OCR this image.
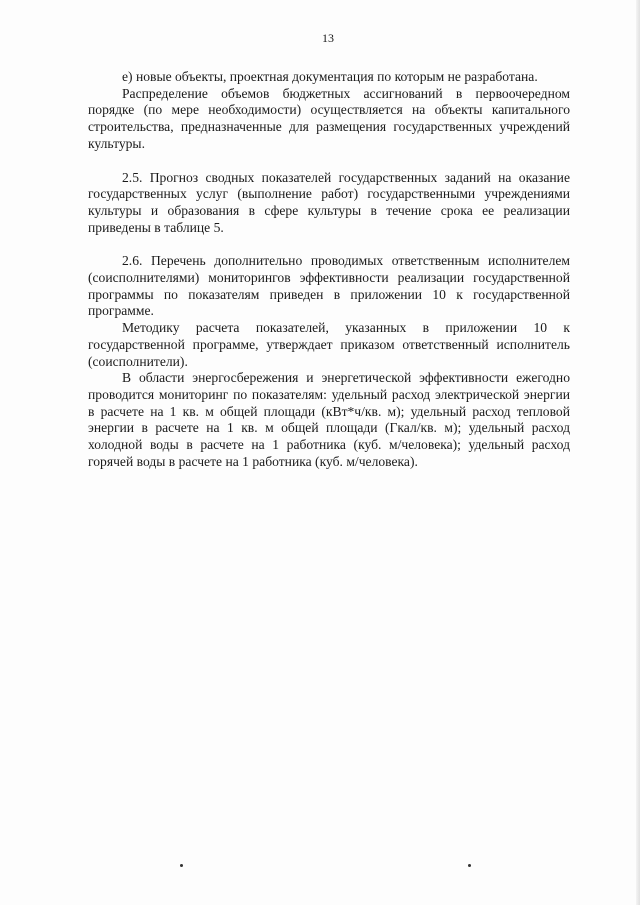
13

е) новые объекты, проектная документация по которым не разработана.

Распределение объемов бюджетных ассигнований в первоочередном порядке (по мере необходимости) осуществляется на объекты капитального строительства, предназначенные для размещения государственных учреждений культуры.

2.5. Прогноз сводных показателей государственных заданий на оказание государственных услуг (выполнение работ) государственными учреждениями культуры и образования в сфере культуры в течение срока ее реализации приведены в таблице 5.

2.6. Перечень дополнительно проводимых ответственным исполнителем (соисполнителями) мониторингов эффективности реализации государственной программы по показателям приведен в приложении 10 к государственной программе.

Методику расчета показателей, указанных в приложении 10 к государственной программе, утверждает приказом ответственный исполнитель (соисполнители).

В области энергосбережения и энергетической эффективности ежегодно проводится мониторинг по показателям: удельный расход электрической энергии в расчете на 1 кв. м общей площади (кВт*ч/кв. м); удельный расход тепловой энергии в расчете на 1 кв. м общей площади (Гкал/кв. м); удельный расход холодной воды в расчете на 1 работника (куб. м/человека); удельный расход горячей воды в расчете на 1 работника (куб. м/человека).
